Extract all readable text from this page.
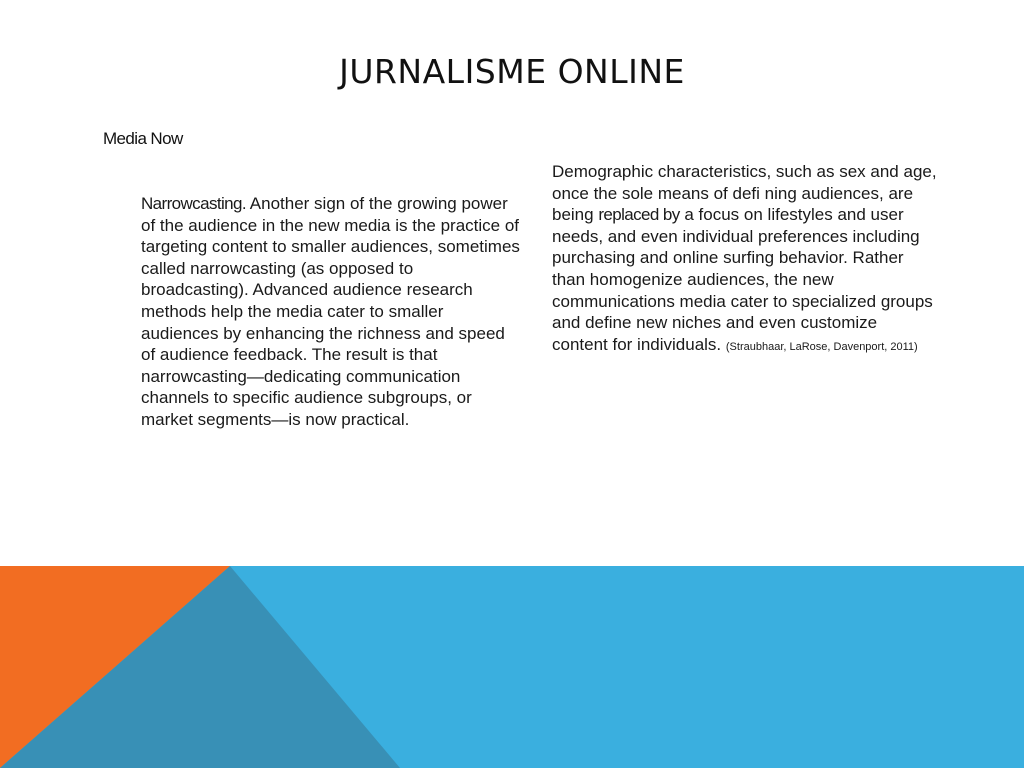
JURNALISME ONLINE
Media Now
Narrowcasting. Another sign of the growing power of the audience in the new media is the practice of targeting content to smaller audiences, sometimes called narrowcasting (as opposed to broadcasting). Advanced audience research methods help the media cater to smaller audiences by enhancing the richness and speed of audience feedback. The result is that narrowcasting—dedicating communication channels to specific audience subgroups, or market segments—is now practical.
Demographic characteristics, such as sex and age, once the sole means of defi ning audiences, are being replaced by a focus on lifestyles and user needs, and even individual preferences including purchasing and online surfing behavior. Rather than homogenize audiences, the new communications media cater to specialized groups and define new niches and even customize content for individuals. (Straubhaar, LaRose, Davenport, 2011)
